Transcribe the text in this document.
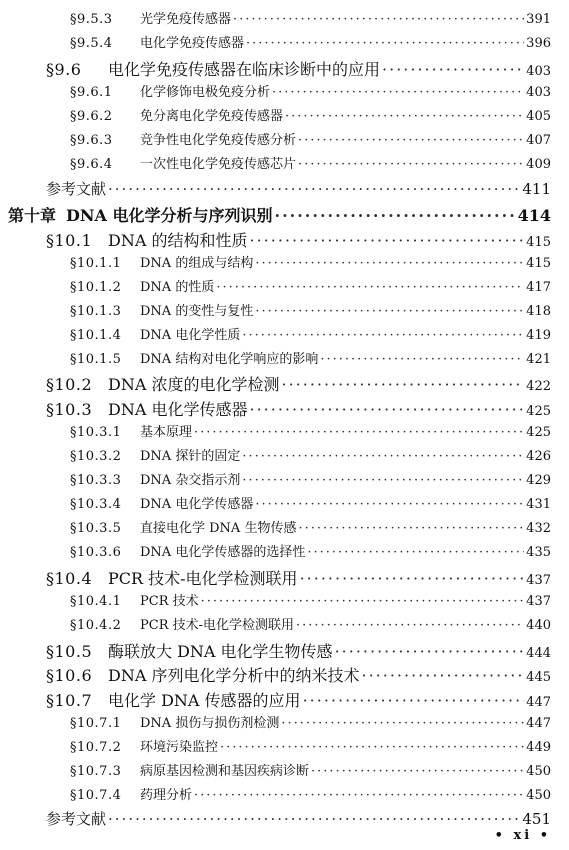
§9.5.3	光学免疫传感器 ·····	391
§9.5.4	电化学免疫传感器 ·····	396
§9.6	电化学免疫传感器在临床诊断中的应用 ·····	403
§9.6.1	化学修饰电极免疫分析 ·····	403
§9.6.2	免分离电化学免疫传感器 ·····	405
§9.6.3	竞争性电化学免疫传感分析 ·····	407
§9.6.4	一次性电化学免疫传感芯片 ·····	409
参考文献 ·····	411
第十章 DNA 电化学分析与序列识别 ·····	414
§10.1 DNA 的结构和性质 ·····	415
§10.1.1	DNA 的组成与结构 ·····	415
§10.1.2	DNA 的性质 ·····	417
§10.1.3	DNA 的变性与复性 ·····	418
§10.1.4	DNA 电化学性质 ·····	419
§10.1.5	DNA 结构对电化学响应的影响 ·····	421
§10.2 DNA 浓度的电化学检测 ·····	422
§10.3 DNA 电化学传感器 ·····	425
§10.3.1	基本原理 ·····	425
§10.3.2	DNA 探针的固定 ·····	426
§10.3.3	DNA 杂交指示剂 ·····	429
§10.3.4	DNA 电化学传感器 ·····	431
§10.3.5	直接电化学 DNA 生物传感 ·····	432
§10.3.6	DNA 电化学传感器的选择性 ·····	435
§10.4 PCR 技术-电化学检测联用 ·····	437
§10.4.1	PCR 技术 ·····	437
§10.4.2	PCR 技术-电化学检测联用 ·····	440
§10.5 酶联放大 DNA 电化学生物传感 ·····	444
§10.6 DNA 序列电化学分析中的纳米技术 ·····	445
§10.7 电化学 DNA 传感器的应用 ·····	447
§10.7.1	DNA 损伤与损伤剂检测 ·····	447
§10.7.2	环境污染监控 ·····	449
§10.7.3	病原基因检测和基因疾病诊断 ·····	450
§10.7.4	药理分析 ·····	450
参考文献 ·····	451
• xi •
